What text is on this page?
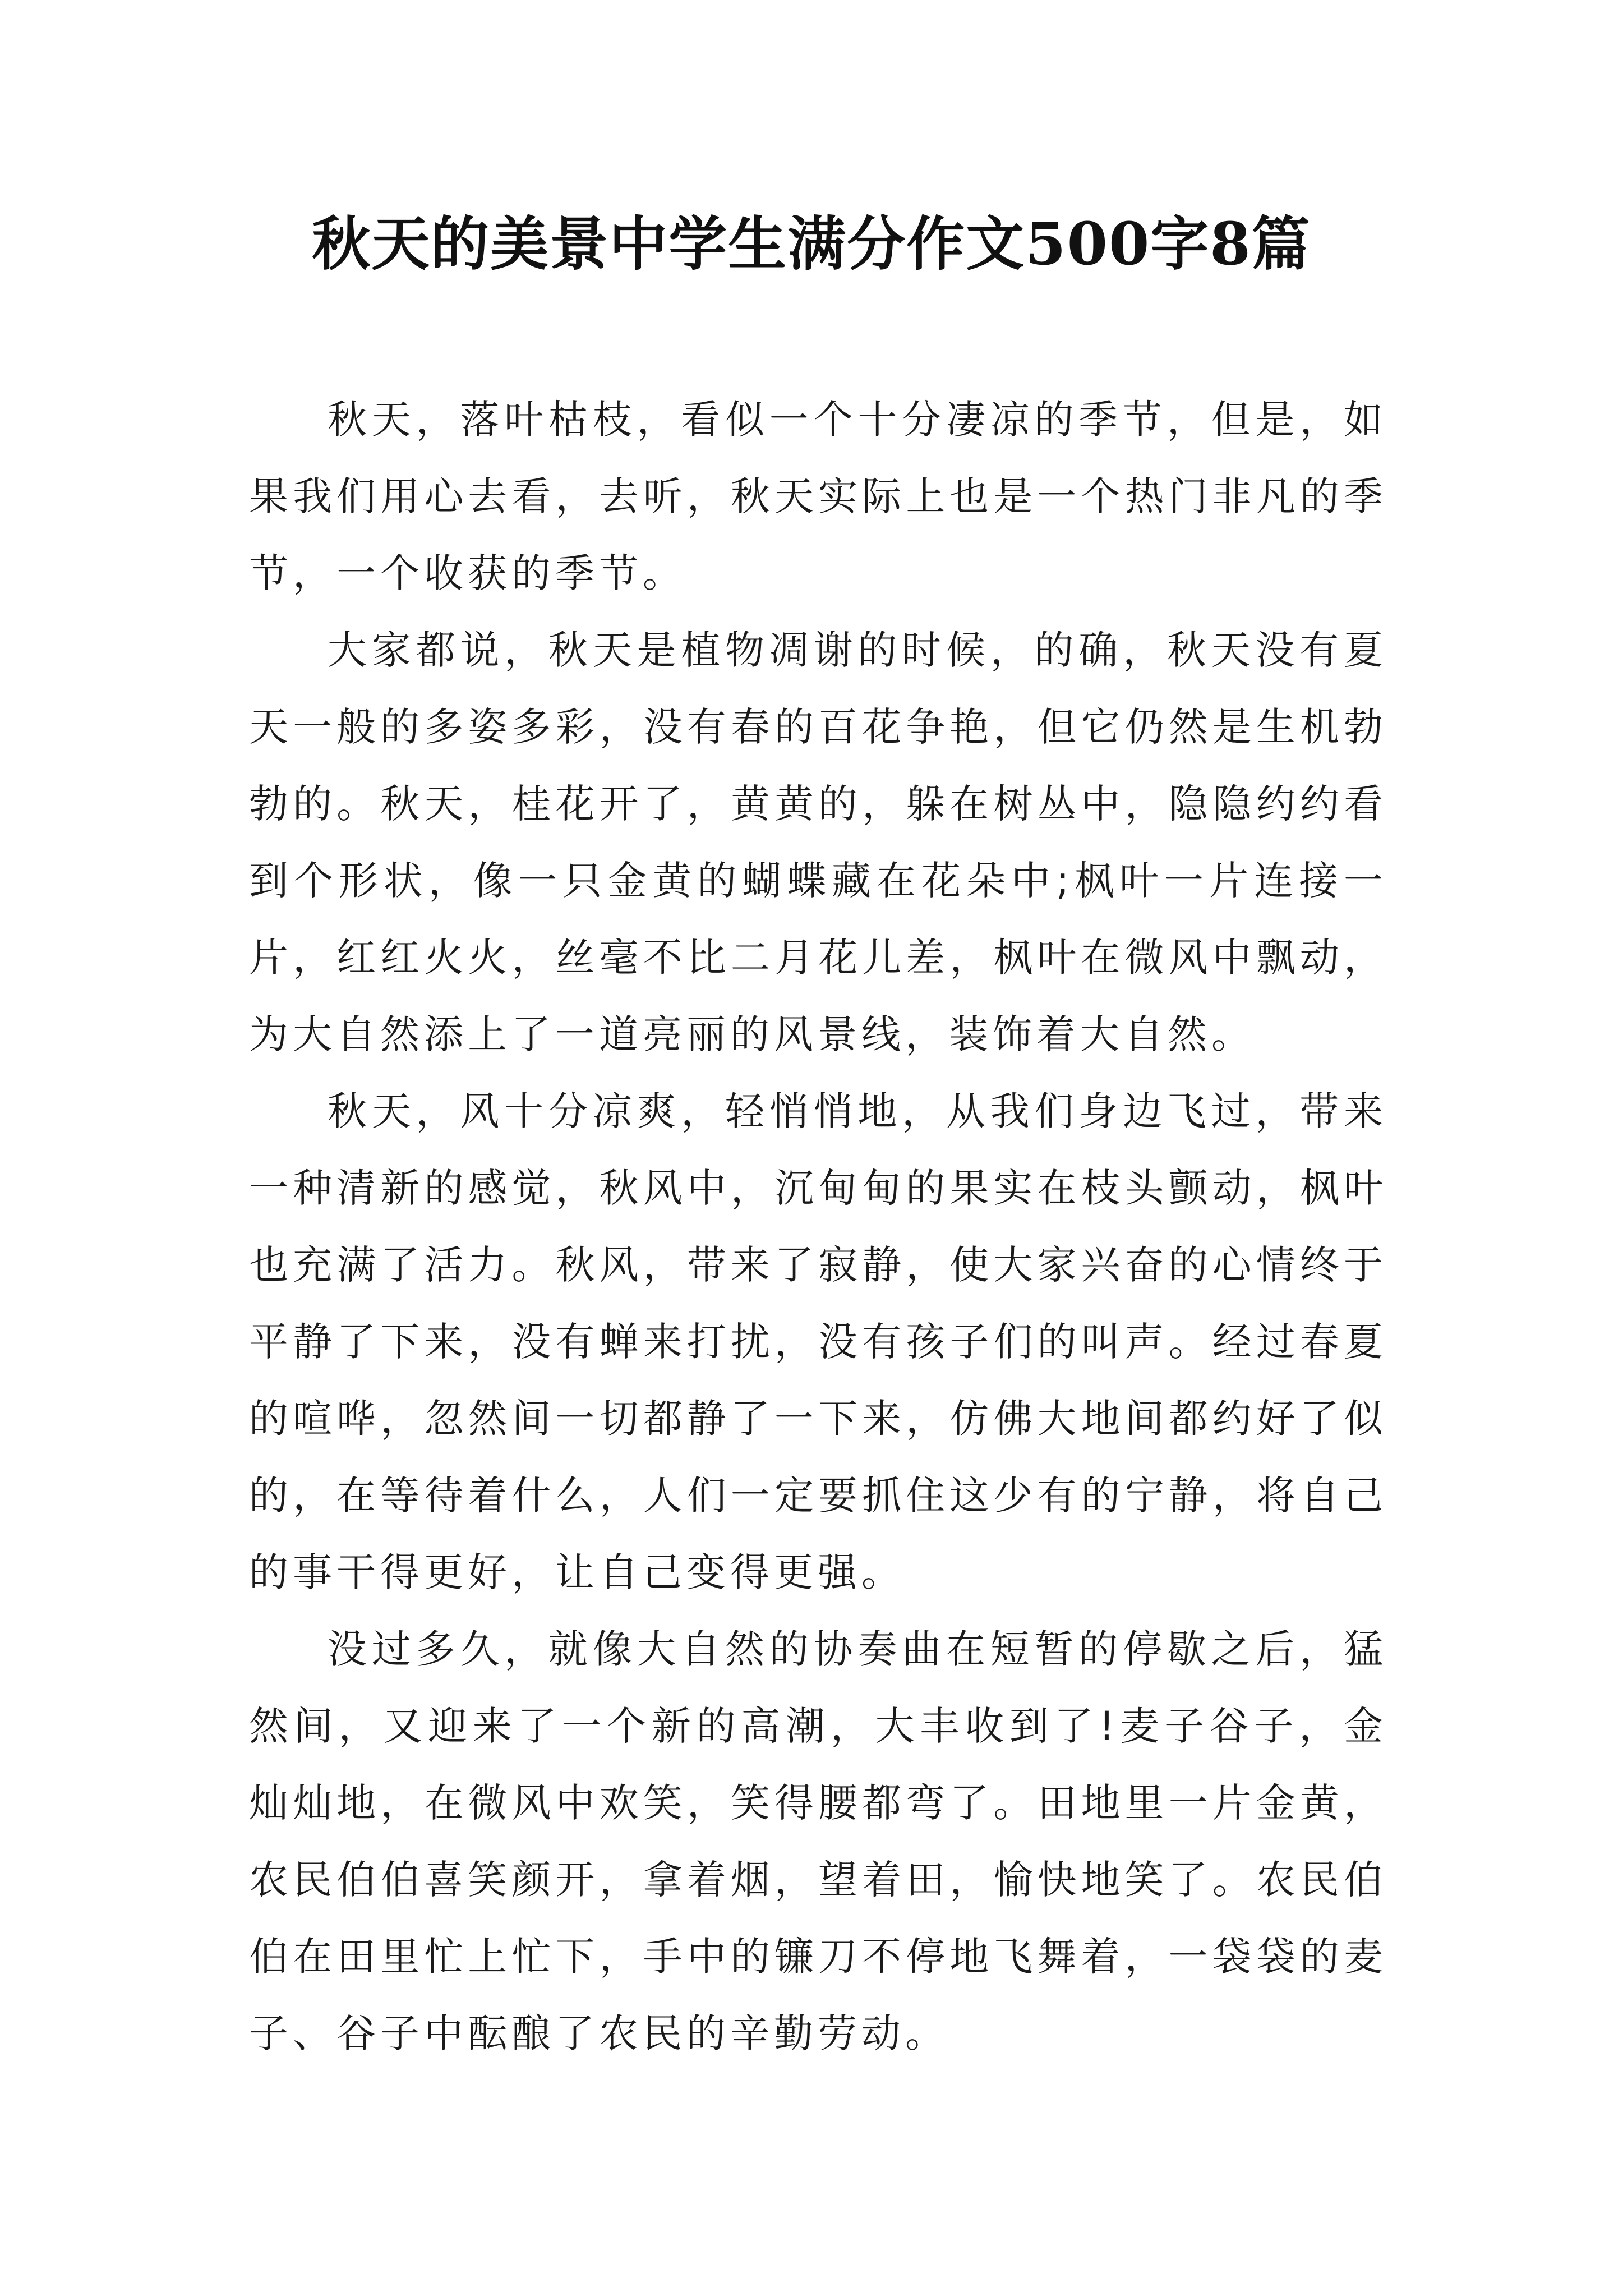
秋天的美景中学生满分作文500字8篇

秋天，落叶枯枝，看似一个十分凄凉的季节，但是，如果我们用心去看，去听，秋天实际上也是一个热门非凡的季节，一个收获的季节。

大家都说，秋天是植物凋谢的时候，的确，秋天没有夏天一般的多姿多彩，没有春的百花争艳，但它仍然是生机勃勃的。秋天，桂花开了，黄黄的，躲在树丛中，隐隐约约看到个形状，像一只金黄的蝴蝶藏在花朵中;枫叶一片连接一片，红红火火，丝毫不比二月花儿差，枫叶在微风中飘动，为大自然添上了一道亮丽的风景线，装饰着大自然。

秋天，风十分凉爽，轻悄悄地，从我们身边飞过，带来一种清新的感觉，秋风中，沉甸甸的果实在枝头颤动，枫叶也充满了活力。秋风，带来了寂静，使大家兴奋的心情终于平静了下来，没有蝉来打扰，没有孩子们的叫声。经过春夏的喧哗，忽然间一切都静了一下来，仿佛大地间都约好了似的，在等待着什么，人们一定要抓住这少有的宁静，将自己的事干得更好，让自己变得更强。

没过多久，就像大自然的协奏曲在短暂的停歇之后，猛然间，又迎来了一个新的高潮，大丰收到了!麦子谷子，金灿灿地，在微风中欢笑，笑得腰都弯了。田地里一片金黄，农民伯伯喜笑颜开，拿着烟，望着田，愉快地笑了。农民伯伯在田里忙上忙下，手中的镰刀不停地飞舞着，一袋袋的麦子、谷子中酝酿了农民的辛勤劳动。
